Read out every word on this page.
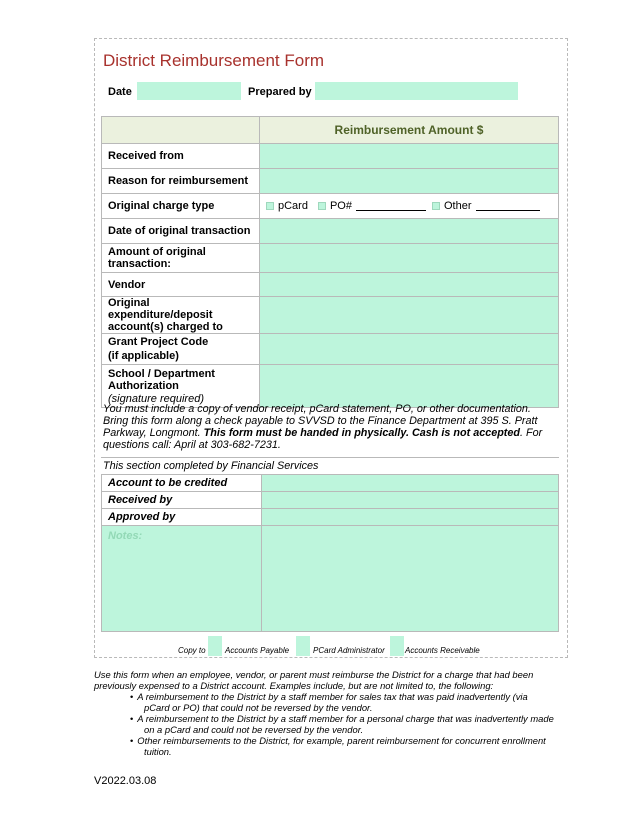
District Reimbursement Form
Date	Prepared by
	Reimbursement Amount $
Received from	
Reason for reimbursement	
Original charge type	pCard PO# Other

Date of original transaction	
Amount of original transaction:	
Vendor	
Original expenditure/deposit account(s) charged to	

Grant Project Code
(if applicable)	

School / Department Authorization
(signature required)	

You must include a copy of vendor receipt, pCard statement, PO, or other documentation. Bring this form along a check payable to SVVSD to the Finance Department at 395 S. Pratt Parkway, Longmont. This form must be handed in physically. Cash is not accepted. For questions call: April at 303-682-7231.
This section completed by Financial Services
Account to be credited	
Received by	
Approved by	

Notes:	

Copy to Accounts Payable	PCard Administrator	Accounts Receivable
Use this form when an employee, vendor, or parent must reimburse the District for a charge that had been previously expensed to a District account. Examples include, but are not limited to, the following:
• A reimbursement to the District by a staff member for sales tax that was paid inadvertently (via pCard or PO) that could not be reversed by the vendor.
• A reimbursement to the District by a staff member for a personal charge that was inadvertently made on a pCard and could not be reversed by the vendor.
• Other reimbursements to the District, for example, parent reimbursement for concurrent enrollment tuition.
V2022.03.08
